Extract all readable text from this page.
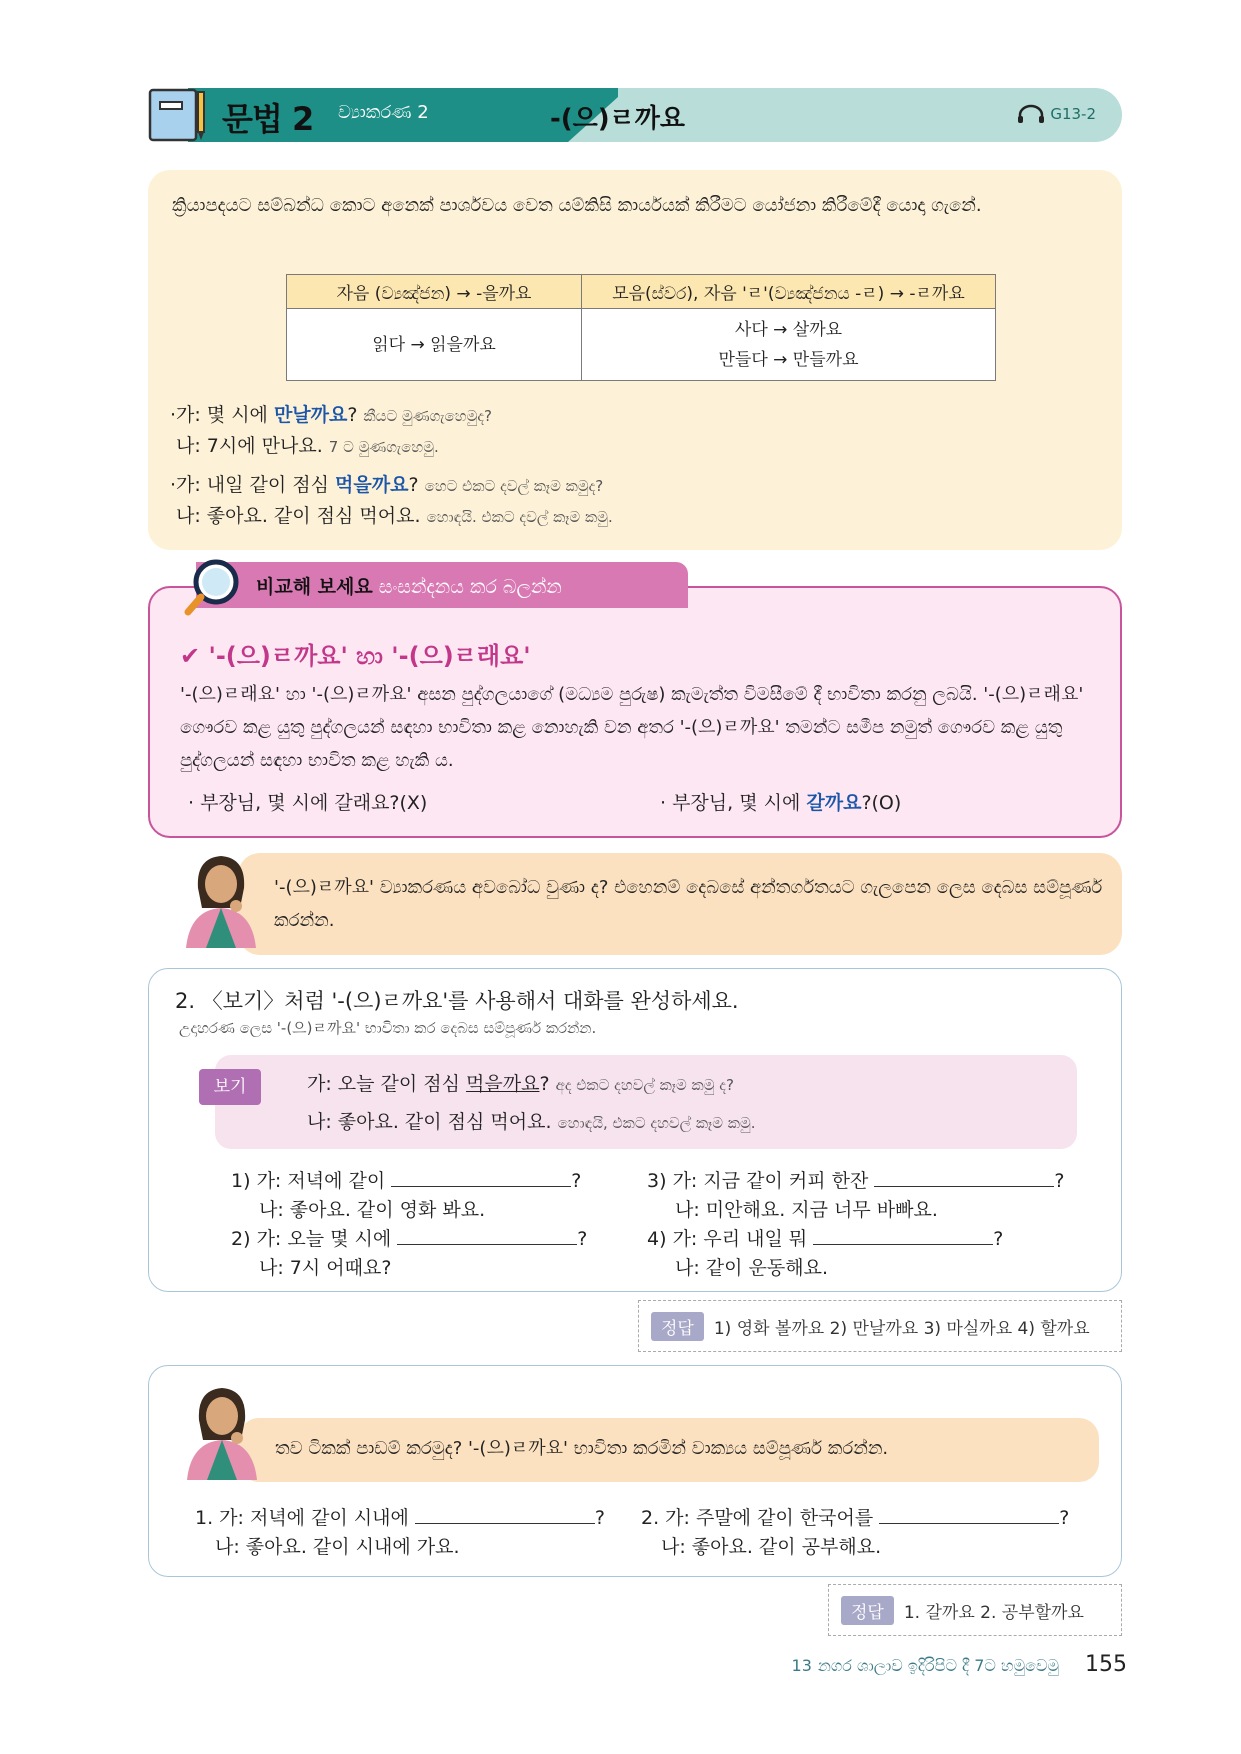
문법 2 ව්‍යාකරණ 2	-(으)ㄹ까요	G13-2
ක්‍රියාපදයට සම්බන්ධ කොට අනෙක් පාර්ශවය වෙත යම්කිසි කාර්යයක් කිරීමට යෝජනා කිරීමේදී යොදා ගැනේ.
자음 (ව්‍යඤ්ජන) → -을까요	모음(ස්වර), 자음 'ㄹ'(ව්‍යඤ්ජනය -ㄹ) → -ㄹ까요
읽다 → 읽을까요	사다 → 살까요
만들다 → 만들까요
· 가: 몇 시에 만날까요? කීයට මුණගැහෙමුද?
나: 7시에 만나요. 7 ට මුණගැහෙමු.
· 가: 내일 같이 점심 먹을까요? හෙට එකට දවල් කෑම කමුද?
나: 좋아요. 같이 점심 먹어요. හොඳයි. එකට දවල් කෑම කමු.
✔ '-(으)ㄹ까요' හා '-(으)ㄹ래요'
'-(으)ㄹ래요' හා '-(으)ㄹ까요' අසන පුද්ගලයාගේ (මධ්‍යම පුරුෂ) කැමැත්ත විමසීමේ දී භාවිතා කරනු ලබයි. '-(으)ㄹ래요' ගෞරව කළ යුතු පුද්ගලයන් සඳහා භාවිතා කළ නොහැකි වන අතර '-(으)ㄹ까요' තමන්ට සමීප නමුත් ගෞරව කළ යුතු පුද්ගලයන් සඳහා භාවිත කළ හැකි ය.
· 부장님, 몇 시에 갈래요?(X)	· 부장님, 몇 시에 갈까요?(O)
비교해 보세요 සංසන්දනය කර බලන්න
'-(으)ㄹ까요' ව්‍යාකරණය අවබෝධ වුණා ද? එහෙනම් දෙබසේ අන්තර්ගතයට ගැලපෙන ලෙස දෙබස සම්පූර්ණ කරන්න.
2. 〈보기〉처럼 '-(으)ㄹ까요'를 사용해서 대화를 완성하세요.
උදාහරණ ලෙස '-(으)ㄹ까요' භාවිතා කර දෙබස සම්පූර්ණ කරන්න.
보기	가: 오늘 같이 점심 먹을까요? අද එකට දහවල් කෑම කමු ද?
나: 좋아요. 같이 점심 먹어요. හොඳයි, එකට දහවල් කෑම කමු.
1) 가: 저녁에 같이	?
나: 좋아요. 같이 영화 봐요.
2) 가: 오늘 몇 시에	?
나: 7시 어때요?
3) 가: 지금 같이 커피 한잔	?
나: 미안해요. 지금 너무 바빠요.
4) 가: 우리 내일 뭐	?
나: 같이 운동해요.
정답	1) 영화 볼까요 2) 만날까요 3) 마실까요 4) 할까요
තව ටිකක් පාඩම් කරමුද? '-(으)ㄹ까요' භාවිතා කරමින් වාක්‍යය සම්පූර්ණ කරන්න.
1. 가: 저녁에 같이 시내에	?
나: 좋아요. 같이 시내에 가요.
2. 가: 주말에 같이 한국어를	?
나: 좋아요. 같이 공부해요.
정답	1. 갈까요 2. 공부할까요
13 නගර ශාලාව ඉදිරිපිට දී 7ට හමුවෙමු 155
